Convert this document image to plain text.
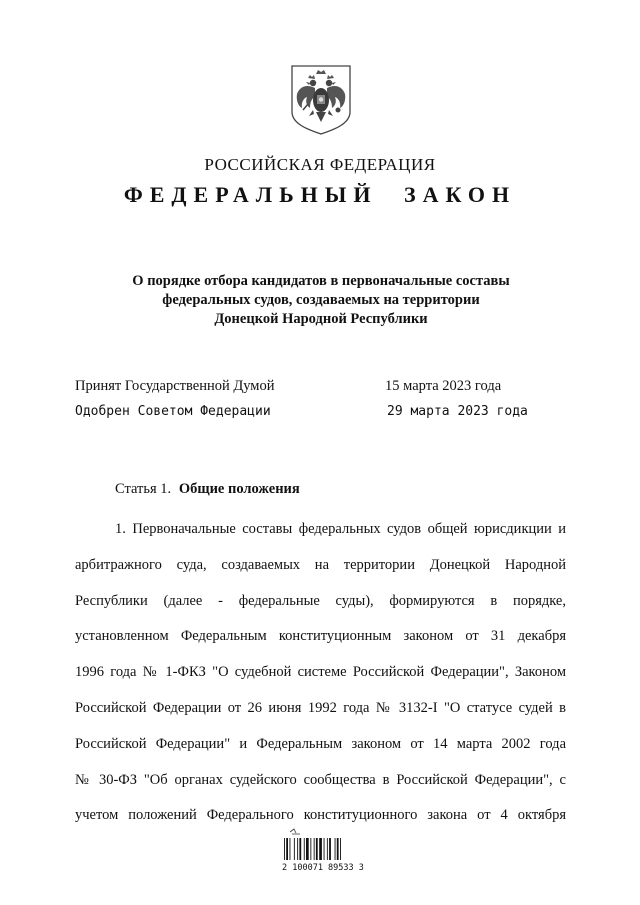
РОССИЙСКАЯ ФЕДЕРАЦИЯ
ФЕДЕРАЛЬНЫЙ ЗАКОН
О порядке отбора кандидатов в первоначальные составы
федеральных судов, создаваемых на территории
Донецкой Народной Республики
Принят Государственной Думой	15 марта 2023 года
Одобрен Советом Федерации	29 марта 2023 года
Статья 1. Общие положения
1. Первоначальные составы федеральных судов общей юрисдикции и
арбитражного суда, создаваемых на территории Донецкой Народной
Республики (далее - федеральные суды), формируются в порядке,
установленном Федеральным конституционным законом от 31 декабря
1996 года № 1-ФКЗ "О судебной системе Российской Федерации", Законом
Российской Федерации от 26 июня 1992 года № 3132-I "О статусе судей в
Российской Федерации" и Федеральным законом от 14 марта 2002 года
№ 30-ФЗ "Об органах судейского сообщества в Российской Федерации", с
учетом положений Федерального конституционного закона от 4 октября
2 100071 89533 3
